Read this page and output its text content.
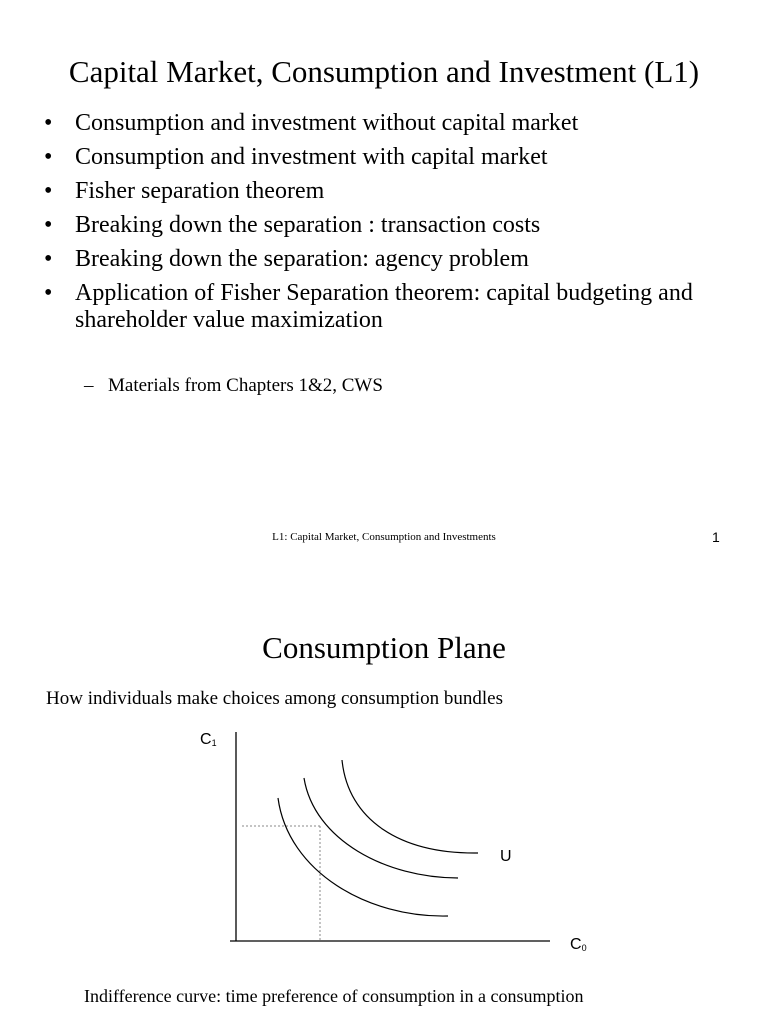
Capital Market, Consumption and Investment (L1)
• Consumption and investment without capital market
• Consumption and investment with capital market
• Fisher separation theorem
• Breaking down the separation : transaction costs
• Breaking down the separation: agency problem
• Application of Fisher Separation theorem: capital budgeting and shareholder value maximization
– Materials from Chapters 1&2, CWS
L1: Capital Market, Consumption and Investments	1
Consumption Plane
How individuals make choices among consumption bundles
C1
C0
U
Indifference curve: time preference of consumption in a consumption
